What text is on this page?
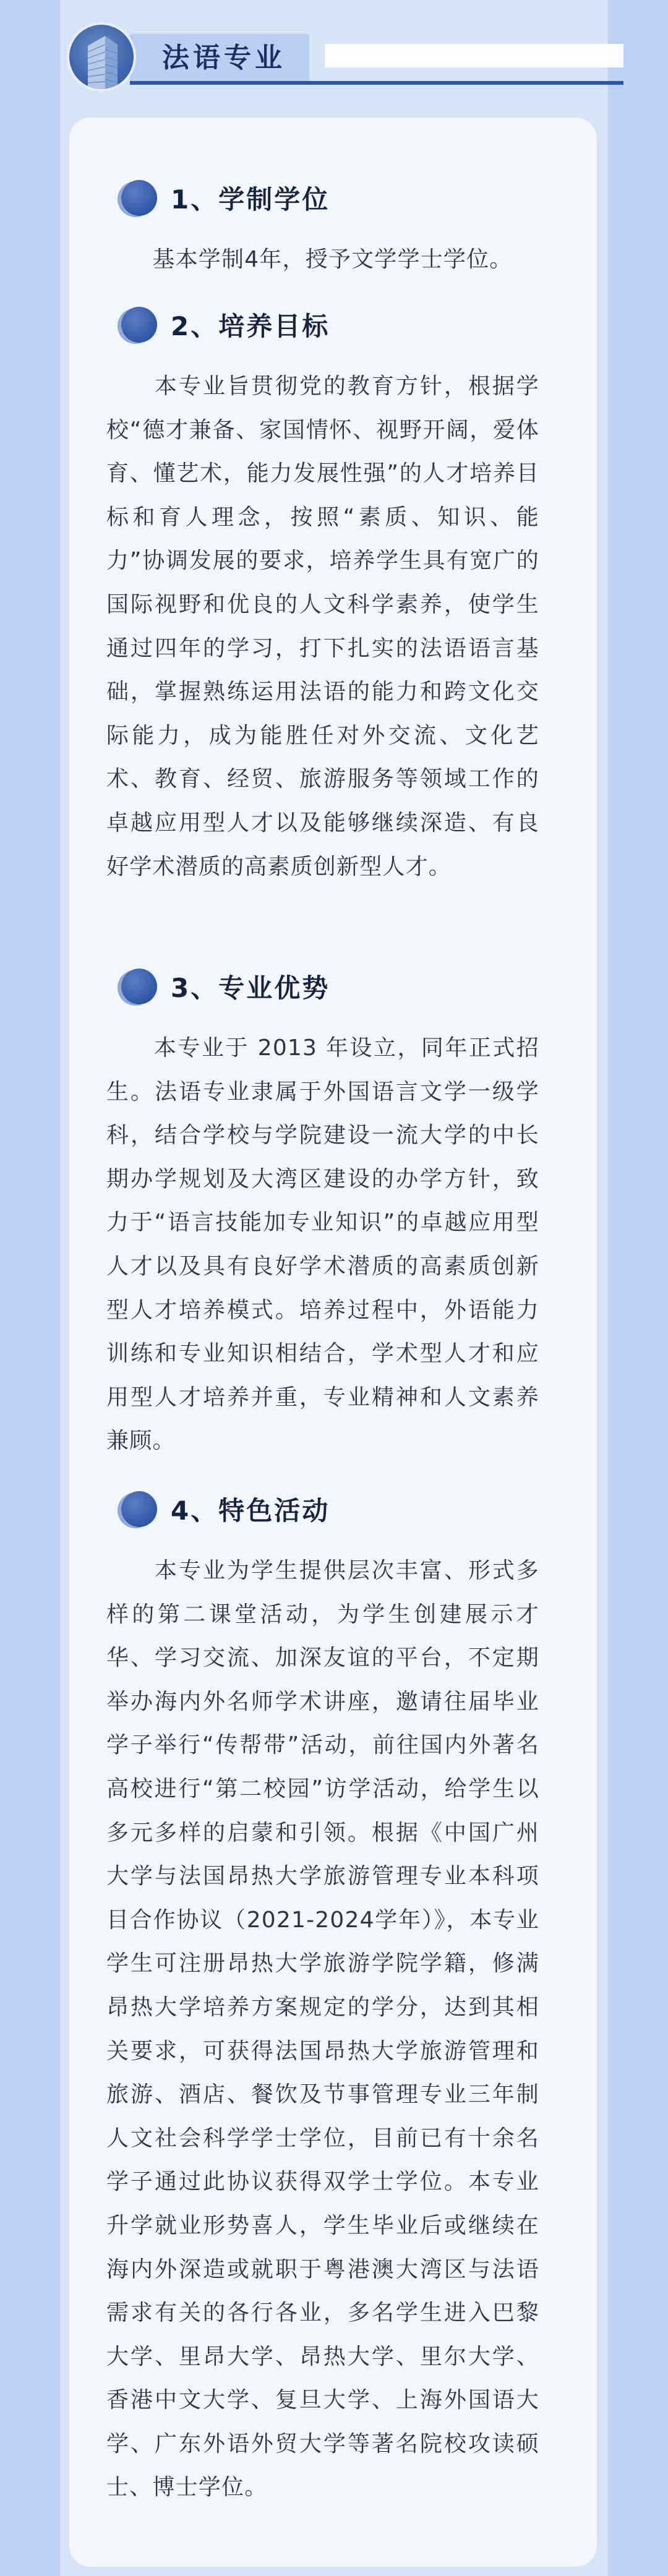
法语专业
1、学制学位

　　基本学制4年，授予文学学士学位。

2、培养目标

　　本专业旨贯彻党的教育方针，根据学校“德才兼备、家国情怀、视野开阔，爱体育、懂艺术，能力发展性强”的人才培养目标和育人理念，按照“素质、知识、能力”协调发展的要求，培养学生具有宽广的国际视野和优良的人文科学素养，使学生通过四年的学习，打下扎实的法语语言基础，掌握熟练运用法语的能力和跨文化交际能力，成为能胜任对外交流、文化艺术、教育、经贸、旅游服务等领域工作的卓越应用型人才以及能够继续深造、有良好学术潜质的高素质创新型人才。

3、专业优势

　　本专业于 2013 年设立，同年正式招生。法语专业隶属于外国语言文学一级学科，结合学校与学院建设一流大学的中长期办学规划及大湾区建设的办学方针，致力于“语言技能加专业知识”的卓越应用型人才以及具有良好学术潜质的高素质创新型人才培养模式。培养过程中，外语能力训练和专业知识相结合，学术型人才和应用型人才培养并重，专业精神和人文素养兼顾。

4、特色活动

　　本专业为学生提供层次丰富、形式多样的第二课堂活动，为学生创建展示才华、学习交流、加深友谊的平台，不定期举办海内外名师学术讲座，邀请往届毕业学子举行“传帮带”活动，前往国内外著名高校进行“第二校园”访学活动，给学生以多元多样的启蒙和引领。根据《中国广州大学与法国昂热大学旅游管理专业本科项目合作协议（2021-2024学年）》，本专业学生可注册昂热大学旅游学院学籍，修满昂热大学培养方案规定的学分，达到其相关要求，可获得法国昂热大学旅游管理和旅游、酒店、餐饮及节事管理专业三年制人文社会科学学士学位，目前已有十余名学子通过此协议获得双学士学位。本专业升学就业形势喜人，学生毕业后或继续在海内外深造或就职于粤港澳大湾区与法语需求有关的各行各业，多名学生进入巴黎大学、里昂大学、昂热大学、里尔大学、香港中文大学、复旦大学、上海外国语大学、广东外语外贸大学等著名院校攻读硕士、博士学位。
